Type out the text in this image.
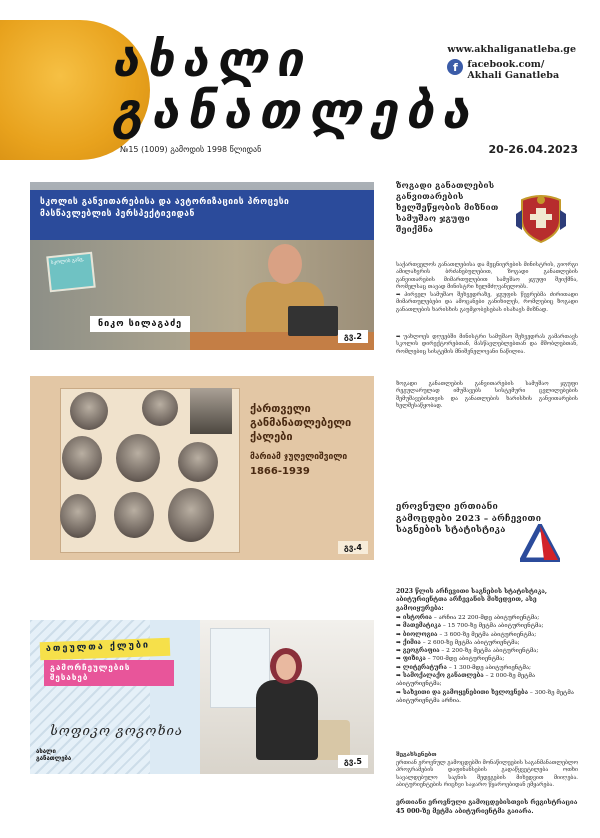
ახალი
განათლება
www.akhaliganatleba.ge
f	facebook.com/
Akhali Ganatleba
№15 (1009) გამოდის 1998 წლიდან	20-26.04.2023
სკოლის განვითარებისა და ავტორიზაციის პროცესი მასწავლებლის პერსპექტივიდან
სკოლის განვ.
ნიკო სილაგაძე
გვ.2
ქართველი განმანათლებელი ქალები
მარიამ ჯუღელიშვილი
1866-1939
გვ.4
ათეულთა ქლუბი
გამორჩეულების შესახებ
სოფიკო გოგოხია
ახალი განათლება	გვ.5
ზოგადი განათლების განვითარების ხელშეწყობის მიზნით სამუშაო ჯგუფი შეიქმნა
საქართველოს განათლებისა და მეცნიერების მინისტრის, გიორგი ამილახვრის ბრძანებულებით, ზოგადი განათლების განვითარების მიმართულებით სამუშაო ჯგუფი შეიქმნა, რომელსაც თავად მინისტრი ხელმძღვანელობს.
➡ პირველ სამუშაო შეხვედრაზე, ჯგუფის წევრებმა ძირითადი მიმართულებები და ამოცანები განიხილეს, რომლებიც ზოგადი განათლების ხარისხის გაუმჯობესებას ისახავს მიზნად.
➡ უახლოეს დღეებში მინისტრი სამუშაო შეხვედრას გამართავს სკოლის დირექტორებთან, მასწავლებლებთან და მშობლებთან, რომლებიც სისტემის მნიშვნელოვანი ნაწილია.
ზოგადი განათლების განვითარების სამუშაო ჯგუფი რეგულარულად იმუშავებს სისტემური ცვლილებების შემუშავებისთვის და განათლების ხარისხის განვითარების ხელშესაწყობად.
ეროვნული ერთიანი გამოცდები 2023 – არჩევითი საგნების სტატისტიკა
2023 წლის არჩევითი საგნების სტატისტიკა, აბიტურიენტთა არჩევანის მიხედვით, ასე გამოიყურება:
➡ ისტორია – არჩია 22 200-მდე აბიტურიენტმა;
➡ მათემატიკა – 15 700-ზე მეტმა აბიტურიენტმა;
➡ ბიოლოგია – 3 600-ზე მეტმა აბიტურიენტმა;
➡ ქიმია – 2 600-ზე მეტმა აბიტურიენტმა;
➡ გეოგრაფია – 2 200-ზე მეტმა აბიტურიენტმა;
➡ ფიზიკა – 700-მდე აბიტურიენტმა;
➡ ლიტერატურა – 1 300-მდე აბიტურიენტმა;
➡ სამოქალაქო განათლება – 2 000-ზე მეტმა აბიტურიენტმა;
➡ სახვითი და გამოყენებითი ხელოვნება – 300-ზე მეტმა აბიტურიენტმა არჩია.
შეგახსენებთ
ერთიან ეროვნულ გამოცდებში მონაწილეების საგანმანათლებლო პროგრამების დაფინანსების გადაწყვეტილება ოთხი სავალდებულო საგნის შედეგების მიხედვით მიიღება. აბიტურიენტების რიცხვი საჯარო წყაროებიდან ემყარება.
ერთიანი ეროვნული გამოცდებისთვის რეგისტრაცია 45 000-ზე მეტმა აბიტურიენტმა გაიარა.
